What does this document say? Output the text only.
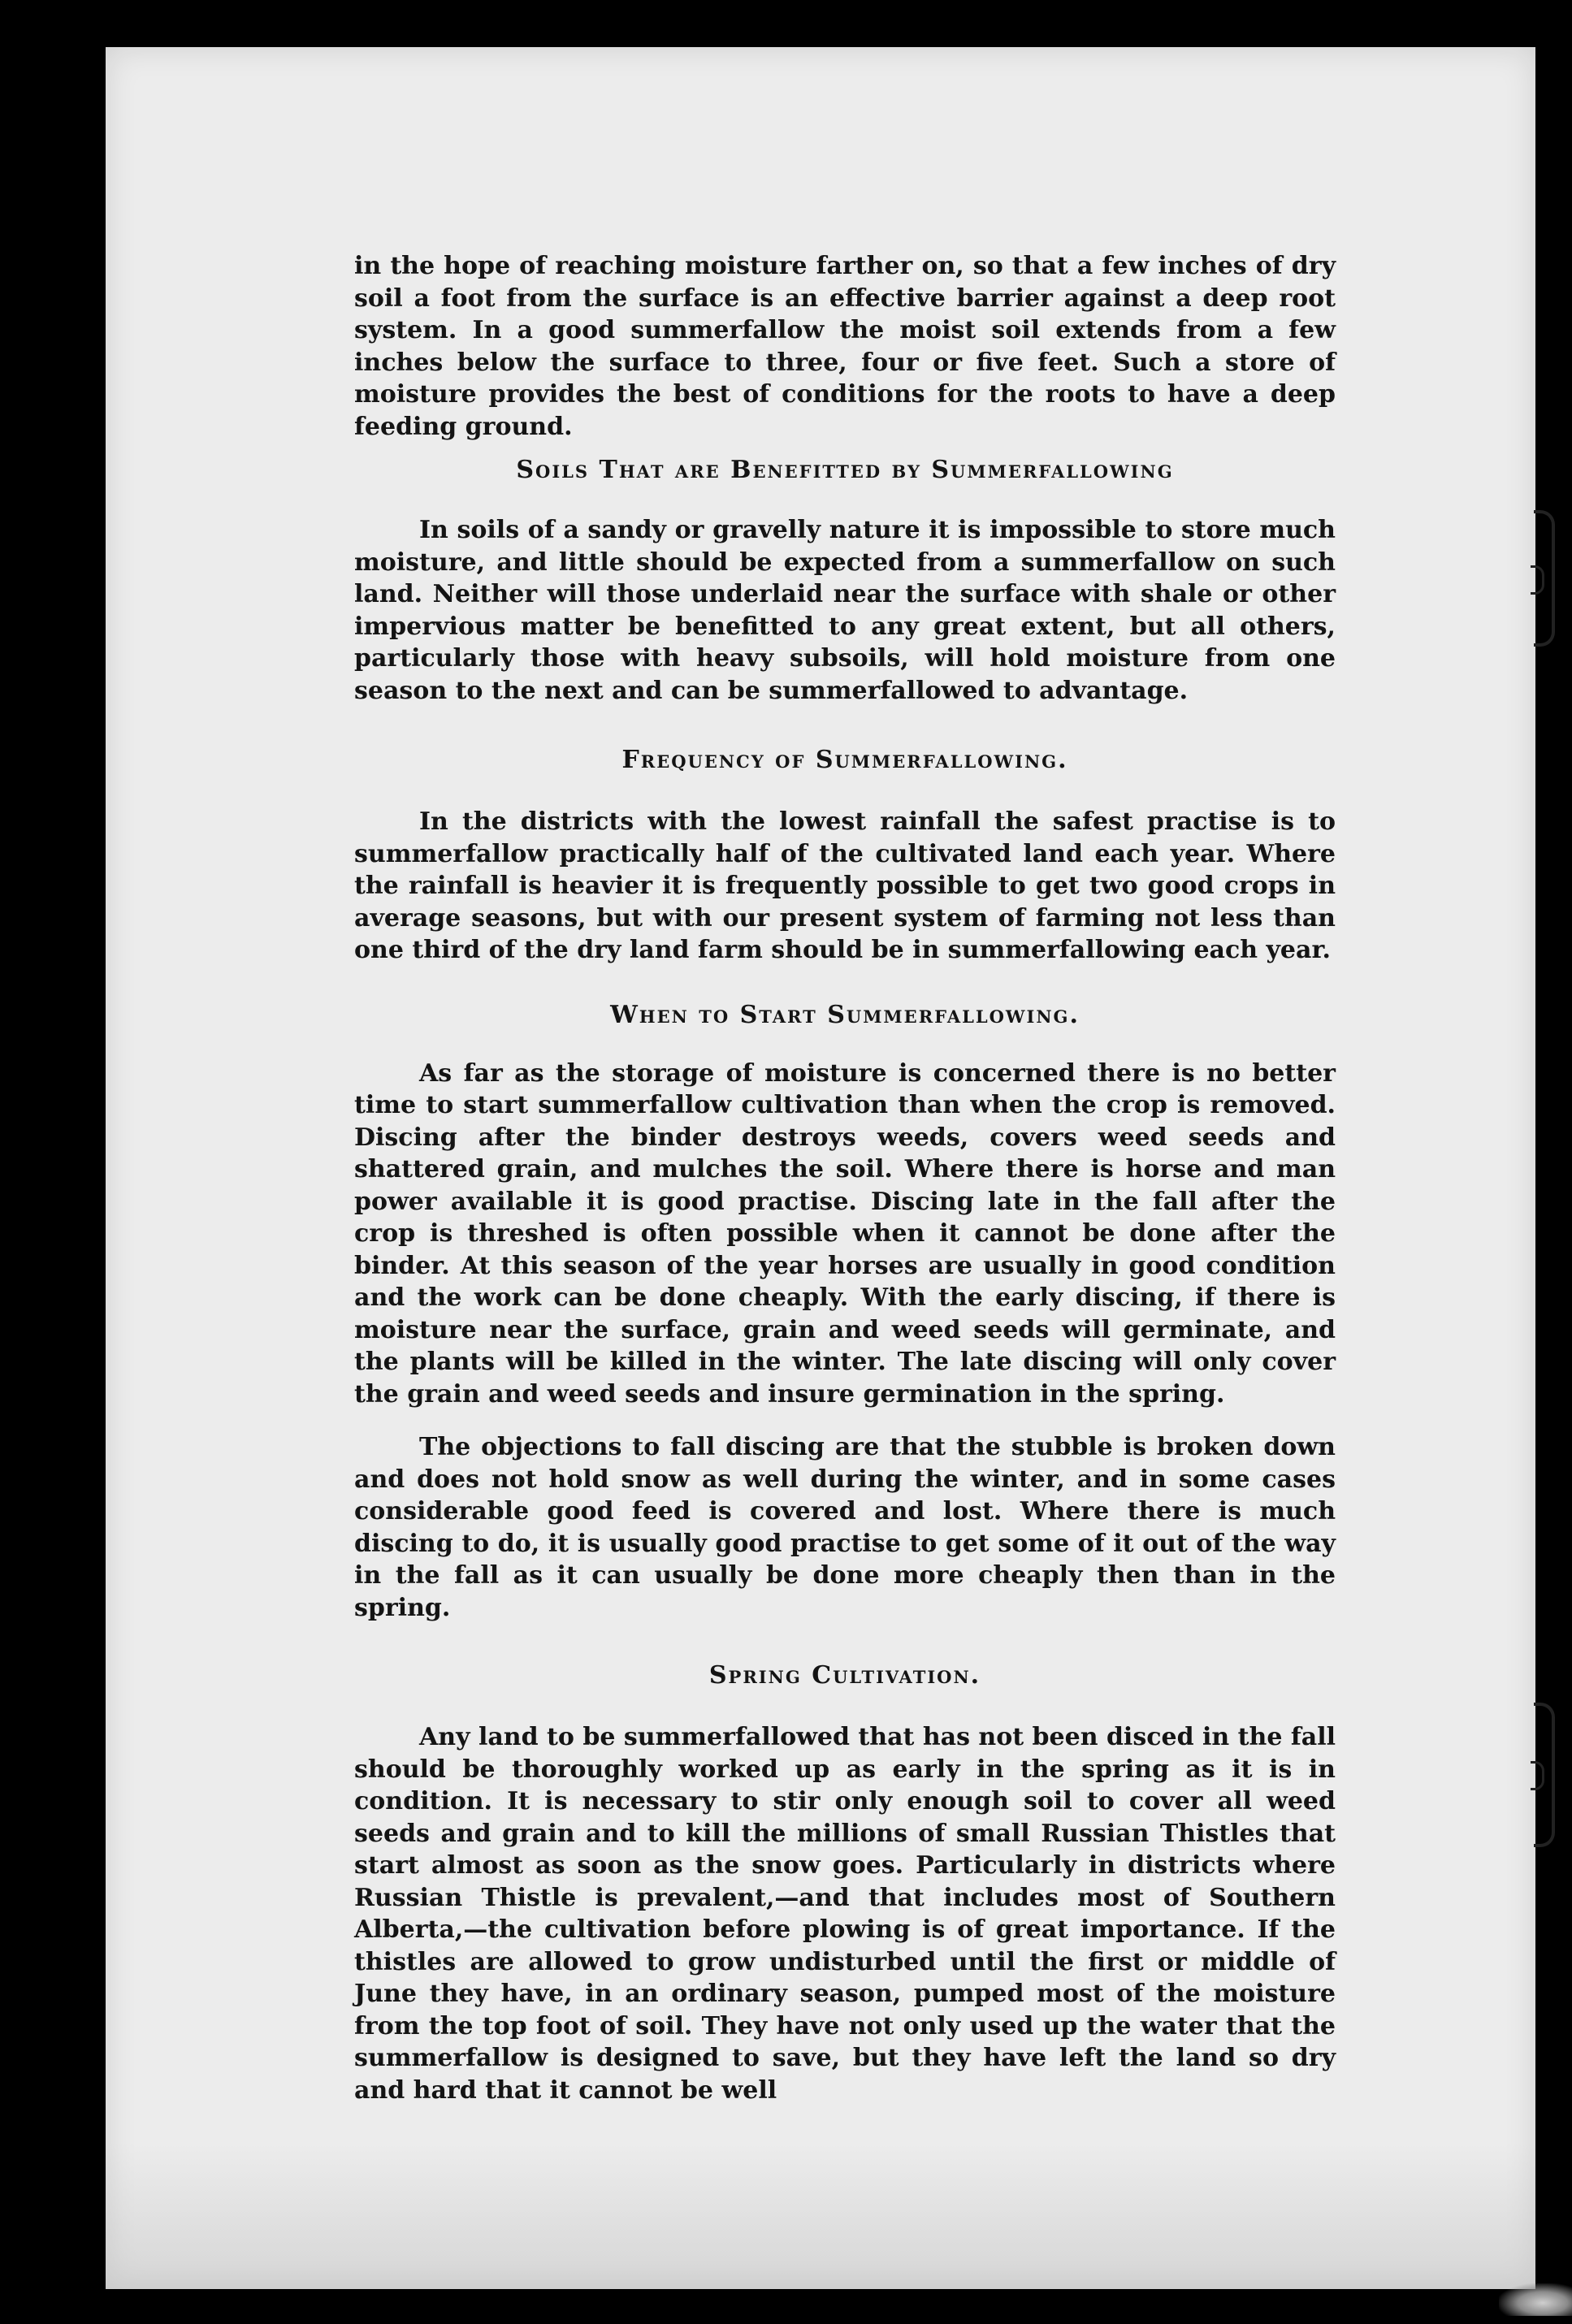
in the hope of reaching moisture farther on, so that a few inches of dry soil a foot from the surface is an effective barrier against a deep root system. In a good summerfallow the moist soil extends from a few inches below the surface to three, four or five feet. Such a store of moisture provides the best of conditions for the roots to have a deep feeding ground.

Soils That are Benefitted by Summerfallowing

In soils of a sandy or gravelly nature it is impossible to store much moisture, and little should be expected from a summerfallow on such land. Neither will those underlaid near the surface with shale or other impervious matter be benefitted to any great extent, but all others, particularly those with heavy subsoils, will hold moisture from one season to the next and can be summerfallowed to advantage.

Frequency of Summerfallowing.

In the districts with the lowest rainfall the safest practise is to summerfallow practically half of the cultivated land each year. Where the rainfall is heavier it is frequently possible to get two good crops in average seasons, but with our present system of farming not less than one third of the dry land farm should be in summerfallowing each year.

When to Start Summerfallowing.

As far as the storage of moisture is concerned there is no better time to start summerfallow cultivation than when the crop is removed. Discing after the binder destroys weeds, covers weed seeds and shattered grain, and mulches the soil. Where there is horse and man power available it is good practise. Discing late in the fall after the crop is threshed is often possible when it cannot be done after the binder. At this season of the year horses are usually in good condition and the work can be done cheaply. With the early discing, if there is moisture near the surface, grain and weed seeds will germinate, and the plants will be killed in the winter. The late discing will only cover the grain and weed seeds and insure germination in the spring.

The objections to fall discing are that the stubble is broken down and does not hold snow as well during the winter, and in some cases considerable good feed is covered and lost. Where there is much discing to do, it is usually good practise to get some of it out of the way in the fall as it can usually be done more cheaply then than in the spring.

Spring Cultivation.

Any land to be summerfallowed that has not been disced in the fall should be thoroughly worked up as early in the spring as it is in condition. It is necessary to stir only enough soil to cover all weed seeds and grain and to kill the millions of small Russian Thistles that start almost as soon as the snow goes. Particularly in districts where Russian Thistle is prevalent,—and that includes most of Southern Alberta,—the cultivation before plowing is of great importance. If the thistles are allowed to grow undisturbed until the first or middle of June they have, in an ordinary season, pumped most of the moisture from the top foot of soil. They have not only used up the water that the summerfallow is designed to save, but they have left the land so dry and hard that it cannot be well
